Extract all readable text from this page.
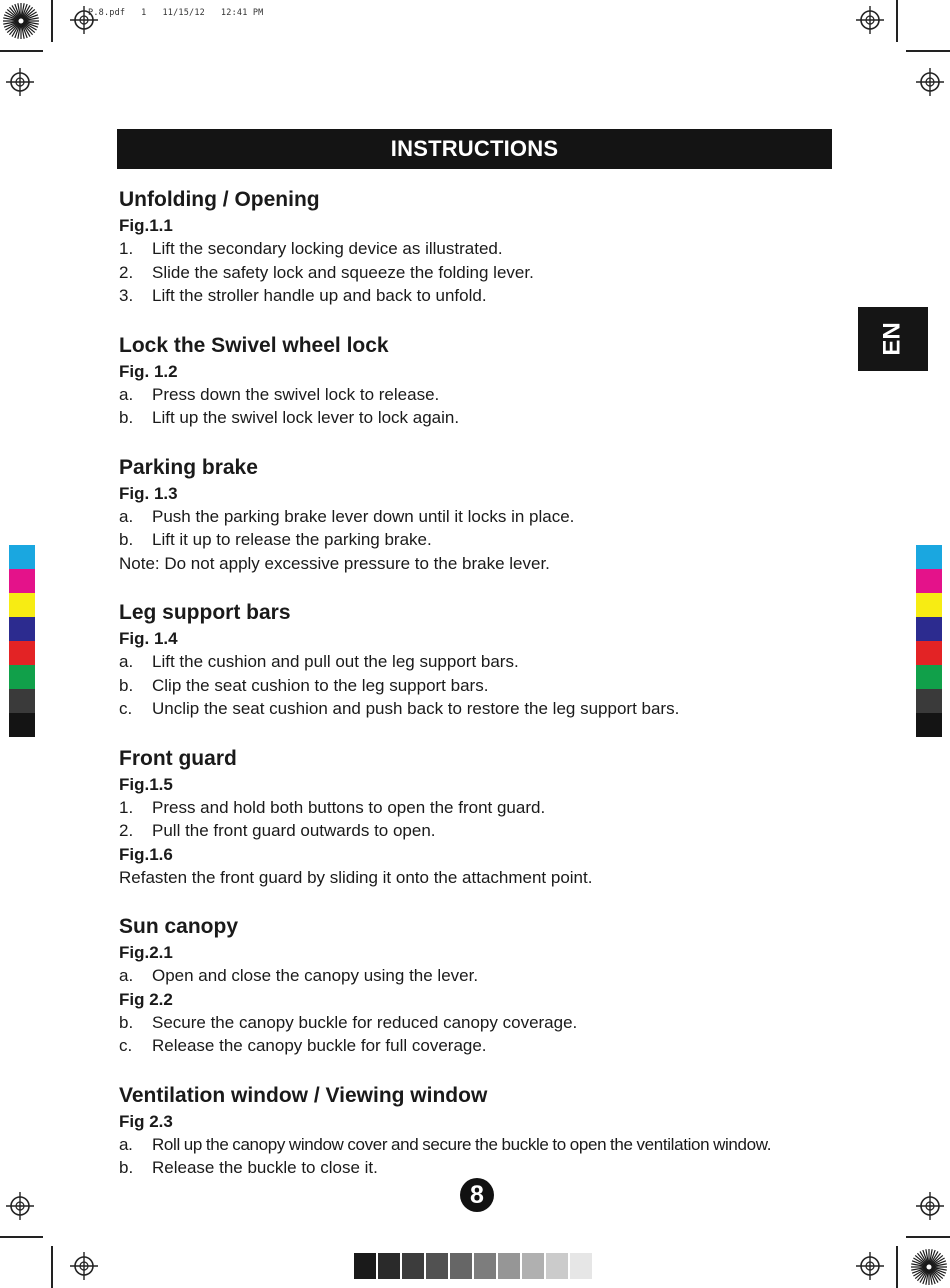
P.8.pdf   1   11/15/12   12:41 PM
INSTRUCTIONS
EN
Unfolding / Opening
Fig.1.1
1.	Lift the secondary locking device as illustrated.
2.	Slide the safety lock and squeeze the folding lever.
3.	Lift the stroller handle up and back to unfold.
Lock the Swivel wheel lock
Fig. 1.2
a.	Press down the swivel lock to release.
b.	Lift up the swivel lock lever to lock again.
Parking brake
Fig. 1.3
a.	Push the parking brake lever down until it locks in place.
b.	Lift it up to release the parking brake.
Note: Do not apply excessive pressure to the brake lever.
Leg support bars
Fig. 1.4
a.	Lift the cushion and pull out the leg support bars.
b.	Clip the seat cushion to the leg support bars.
c.	Unclip the seat cushion and push back to restore the leg support bars.
Front guard
Fig.1.5
1.	Press and hold both buttons to open the front guard.
2.	Pull the front guard outwards to open.
Fig.1.6
Refasten the front guard by sliding it onto the attachment point.
Sun canopy
Fig.2.1
a.	Open and close the canopy using the lever.
Fig 2.2
b.	Secure the canopy buckle for reduced canopy coverage.
c.	Release the canopy buckle for full coverage.
Ventilation window / Viewing window
Fig 2.3
a.	Roll up the canopy window cover and secure the buckle to open the ventilation window.
b.	Release the buckle to close it.
8
